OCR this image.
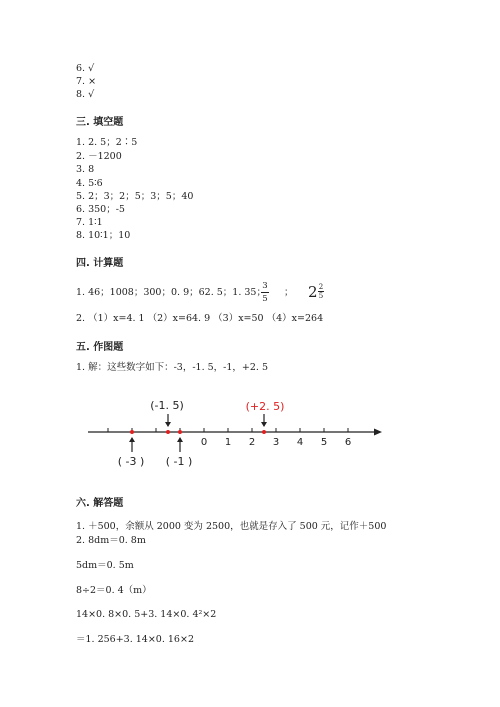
6. √
7. ×
8. √
三. 填空题
1. 2. 5；2∶5
2. －1200
3. 8
4. 5∶6
5. 2；3；2；5；3；5；40
6. 350；-5
7. 1∶1
8. 10∶1；10
四. 计算题
1. 46；1008；300；0. 9；62. 5；1. 35；
3
5
； 2 2
5
2. （1）x=4. 1 （2）x=64. 9 （3）x=50 （4）x=264
五. 作图题
1. 解：这些数字如下：-3，-1. 5，-1，+2. 5
0 1 2 3 4 5 6
(-1. 5)	(+2. 5)
( -3 ) ( -1 )
六. 解答题
1. ＋500，余额从 2000 变为 2500，也就是存入了 500 元，记作＋500
2. 8dm＝0. 8m
5dm＝0. 5m
8÷2＝0. 4（m）
14×0. 8×0. 5+3. 14×0. 4²×2
＝1. 256+3. 14×0. 16×2
